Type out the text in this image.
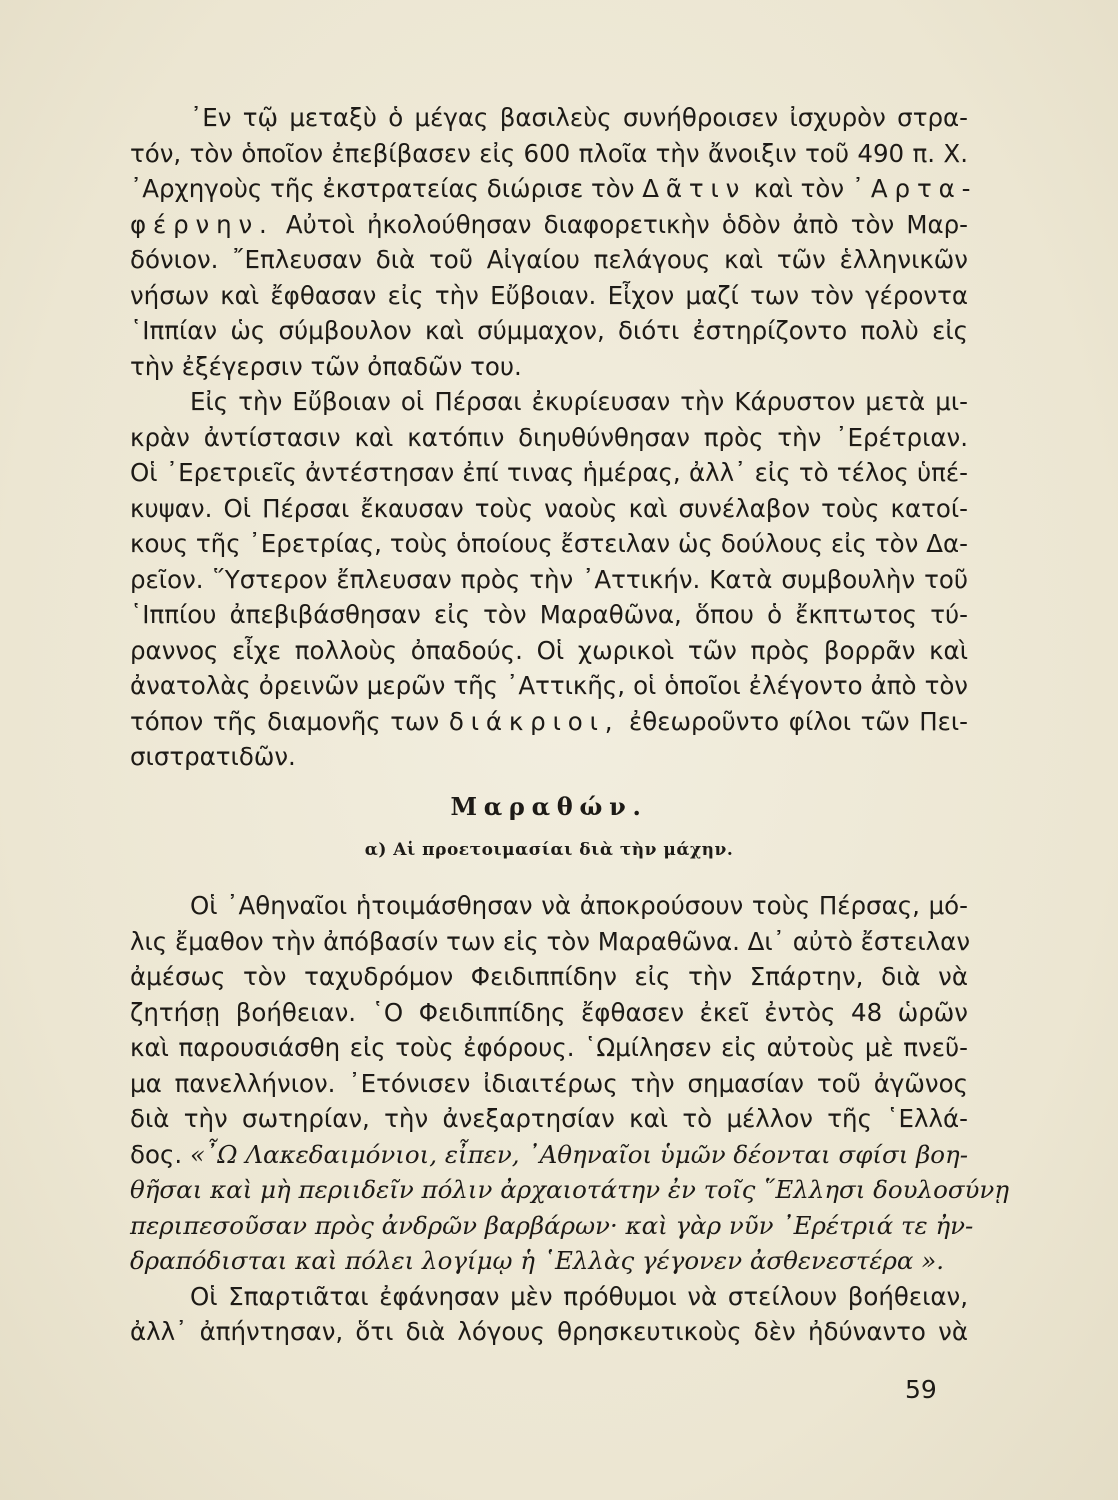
᾿Εν τῷ μεταξὺ ὁ μέγας βασιλεὺς συνήθροισεν ἰσχυρὸν στρα-
τόν, τὸν ὁποῖον ἐπεβίβασεν εἰς 600 πλοῖα τὴν ἄνοιξιν τοῦ 490 π. Χ.
᾿Αρχηγοὺς τῆς ἐκστρατείας διώρισε τὸν Δᾶτιν καὶ τὸν ᾿Αρτα-
φέρνην. Αὐτοὶ ἠκολούθησαν διαφορετικὴν ὁδὸν ἀπὸ τὸν Μαρ-
δόνιον. ῎Επλευσαν διὰ τοῦ Αἰγαίου πελάγους καὶ τῶν ἑλληνικῶν
νήσων καὶ ἔφθασαν εἰς τὴν Εὔβοιαν. Εἶχον μαζί των τὸν γέροντα
῾Ιππίαν ὡς σύμβουλον καὶ σύμμαχον, διότι ἐστηρίζοντο πολὺ εἰς
τὴν ἐξέγερσιν τῶν ὀπαδῶν του.
Εἰς τὴν Εὔβοιαν οἱ Πέρσαι ἐκυρίευσαν τὴν Κάρυστον μετὰ μι-
κρὰν ἀντίστασιν καὶ κατόπιν διηυθύνθησαν πρὸς τὴν ᾿Ερέτριαν.
Οἱ ᾿Ερετριεῖς ἀντέστησαν ἐπί τινας ἡμέρας, ἀλλ᾿ εἰς τὸ τέλος ὑπέ-
κυψαν. Οἱ Πέρσαι ἔκαυσαν τοὺς ναοὺς καὶ συνέλαβον τοὺς κατοί-
κους τῆς ᾿Ερετρίας, τοὺς ὁποίους ἔστειλαν ὡς δούλους εἰς τὸν Δα-
ρεῖον. ῞Υστερον ἔπλευσαν πρὸς τὴν ᾿Αττικήν. Κατὰ συμβουλὴν τοῦ
῾Ιππίου ἀπεβιβάσθησαν εἰς τὸν Μαραθῶνα, ὅπου ὁ ἔκπτωτος τύ-
ραννος εἶχε πολλοὺς ὀπαδούς. Οἱ χωρικοὶ τῶν πρὸς βορρᾶν καὶ
ἀνατολὰς ὀρεινῶν μερῶν τῆς ᾿Αττικῆς, οἱ ὁποῖοι ἐλέγοντο ἀπὸ τὸν
τόπον τῆς διαμονῆς των διάκριοι, ἐθεωροῦντο φίλοι τῶν Πει-
σιστρατιδῶν.
Μαραθών.
α) Αἱ προετοιμασίαι διὰ τὴν μάχην.
Οἱ ᾿Αθηναῖοι ἡτοιμάσθησαν νὰ ἀποκρούσουν τοὺς Πέρσας, μό-
λις ἔμαθον τὴν ἀπόβασίν των εἰς τὸν Μαραθῶνα. Δι᾿ αὐτὸ ἔστειλαν
ἀμέσως τὸν ταχυδρόμον Φειδιππίδην εἰς τὴν Σπάρτην, διὰ νὰ
ζητήσῃ βοήθειαν. ῾Ο Φειδιππίδης ἔφθασεν ἐκεῖ ἐντὸς 48 ὡρῶν
καὶ παρουσιάσθη εἰς τοὺς ἐφόρους. ῾Ωμίλησεν εἰς αὐτοὺς μὲ πνεῦ-
μα πανελλήνιον. ᾿Ετόνισεν ἰδιαιτέρως τὴν σημασίαν τοῦ ἀγῶνος
διὰ τὴν σωτηρίαν, τὴν ἀνεξαρτησίαν καὶ τὸ μέλλον τῆς ῾Ελλά-
δος. «῏Ω Λακεδαιμόνιοι, εἶπεν, ᾿Αθηναῖοι ὑμῶν δέονται σφίσι βοη-
θῆσαι καὶ μὴ περιιδεῖν πόλιν ἀρχαιοτάτην ἐν τοῖς ῞Ελλησι δουλοσύνῃ
περιπεσοῦσαν πρὸς ἀνδρῶν βαρβάρων· καὶ γὰρ νῦν ᾿Ερέτριά τε ἠν-
δραπόδισται καὶ πόλει λογίμῳ ἡ ῾Ελλὰς γέγονεν ἀσθενεστέρα ».
Οἱ Σπαρτιᾶται ἐφάνησαν μὲν πρόθυμοι νὰ στείλουν βοήθειαν,
ἀλλ᾿ ἀπήντησαν, ὅτι διὰ λόγους θρησκευτικοὺς δὲν ἠδύναντο νὰ
59
